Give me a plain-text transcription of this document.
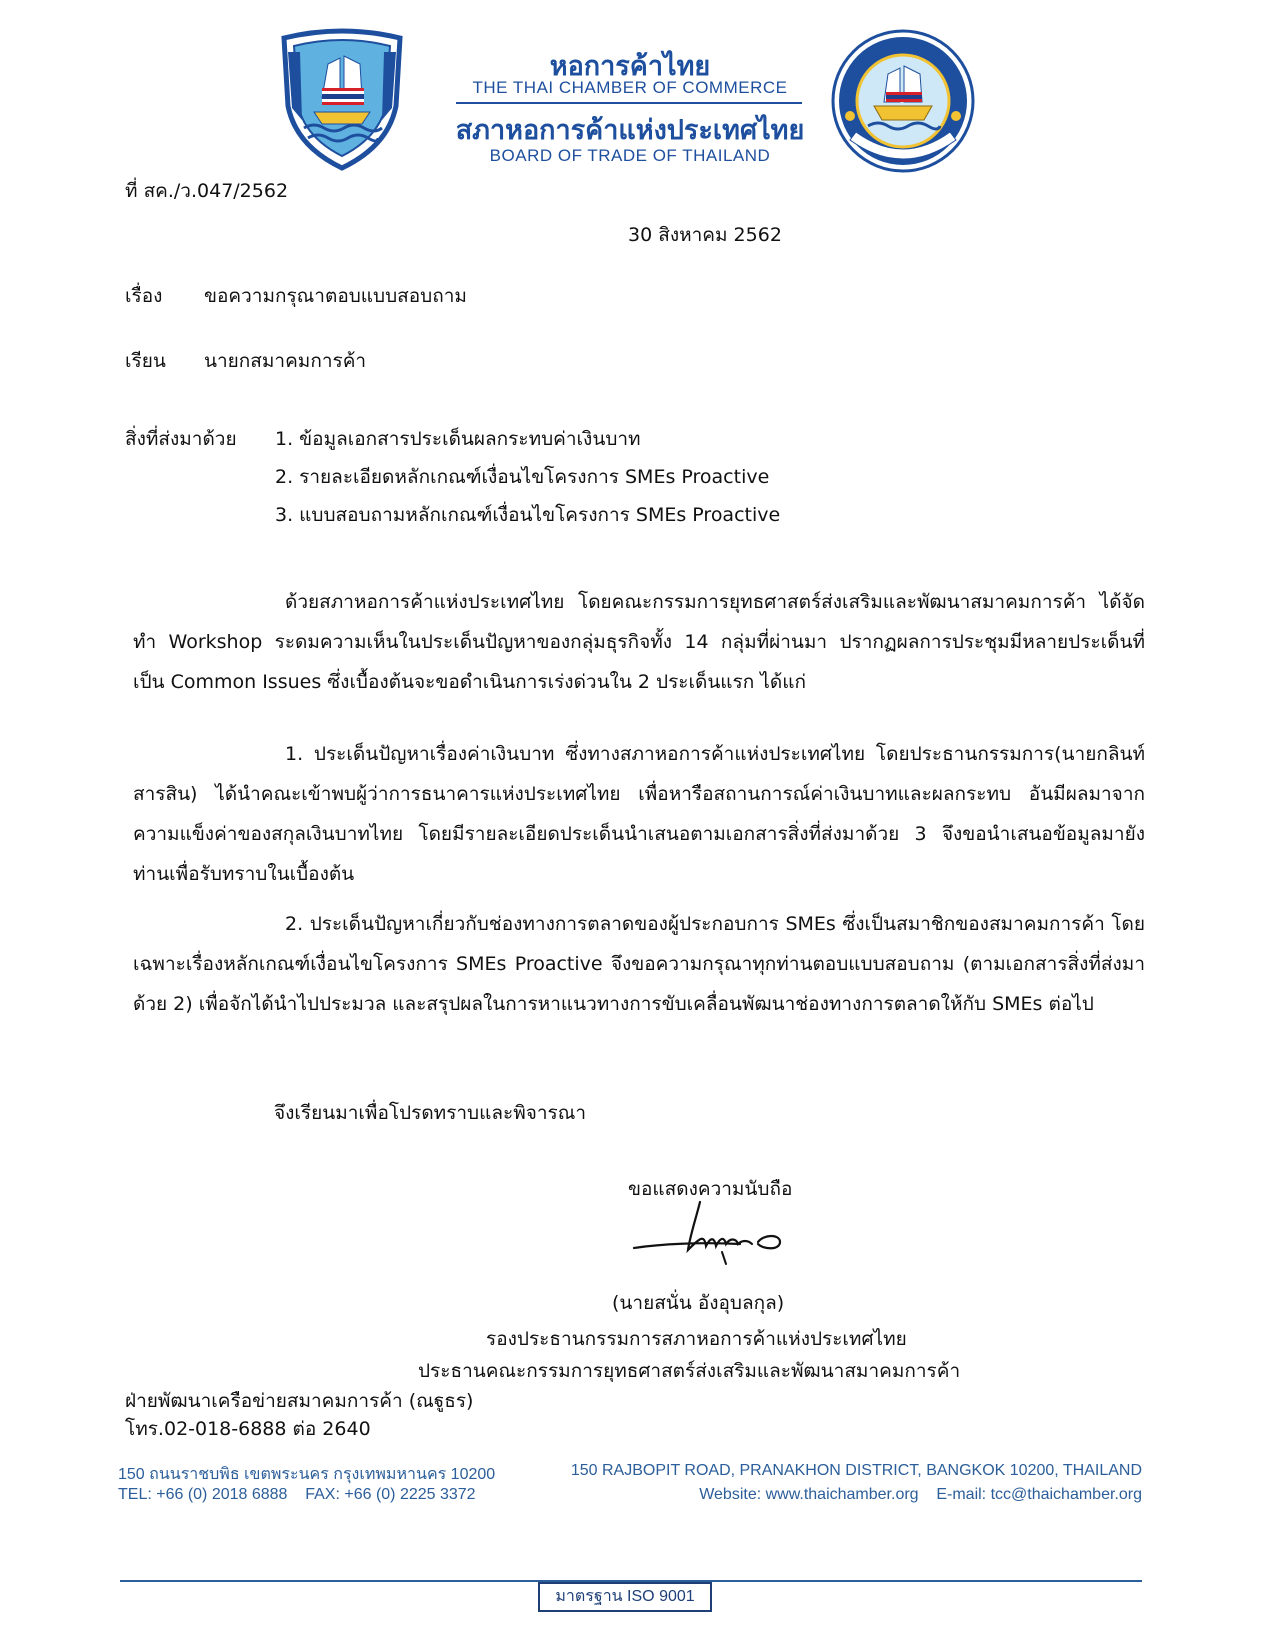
หอการค้าไทย
THE THAI CHAMBER OF COMMERCE
สภาหอการค้าแห่งประเทศไทย
BOARD OF TRADE OF THAILAND
ที่ สค./ว.047/2562
30 สิงหาคม 2562
เรื่อง ขอความกรุณาตอบแบบสอบถาม
เรียน นายกสมาคมการค้า
สิ่งที่ส่งมาด้วย 1. ข้อมูลเอกสารประเด็นผลกระทบค่าเงินบาท
2. รายละเอียดหลักเกณฑ์เงื่อนไขโครงการ SMEs Proactive
3. แบบสอบถามหลักเกณฑ์เงื่อนไขโครงการ SMEs Proactive
ด้วยสภาหอการค้าแห่งประเทศไทย โดยคณะกรรมการยุทธศาสตร์ส่งเสริมและพัฒนาสมาคมการค้า ได้จัดทำ Workshop ระดมความเห็นในประเด็นปัญหาของกลุ่มธุรกิจทั้ง 14 กลุ่มที่ผ่านมา ปรากฏผลการประชุมมีหลายประเด็นที่เป็น Common Issues ซึ่งเบื้องต้นจะขอดำเนินการเร่งด่วนใน 2 ประเด็นแรก ได้แก่
1. ประเด็นปัญหาเรื่องค่าเงินบาท ซึ่งทางสภาหอการค้าแห่งประเทศไทย โดยประธานกรรมการ(นายกลินท์ สารสิน) ได้นำคณะเข้าพบผู้ว่าการธนาคารแห่งประเทศไทย เพื่อหารือสถานการณ์ค่าเงินบาทและผลกระทบ อันมีผลมาจากความแข็งค่าของสกุลเงินบาทไทย โดยมีรายละเอียดประเด็นนำเสนอตามเอกสารสิ่งที่ส่งมาด้วย 3 จึงขอนำเสนอข้อมูลมายังท่านเพื่อรับทราบในเบื้องต้น
2. ประเด็นปัญหาเกี่ยวกับช่องทางการตลาดของผู้ประกอบการ SMEs ซึ่งเป็นสมาชิกของสมาคมการค้า โดยเฉพาะเรื่องหลักเกณฑ์เงื่อนไขโครงการ SMEs Proactive จึงขอความกรุณาทุกท่านตอบแบบสอบถาม (ตามเอกสารสิ่งที่ส่งมาด้วย 2) เพื่อจักได้นำไปประมวล และสรุปผลในการหาแนวทางการขับเคลื่อนพัฒนาช่องทางการตลาดให้กับ SMEs ต่อไป
จึงเรียนมาเพื่อโปรดทราบและพิจารณา
ขอแสดงความนับถือ
(นายสนั่น อังอุบลกุล)
รองประธานกรรมการสภาหอการค้าแห่งประเทศไทย
ประธานคณะกรรมการยุทธศาสตร์ส่งเสริมและพัฒนาสมาคมการค้า
ฝ่ายพัฒนาเครือข่ายสมาคมการค้า (ณฐูธร)
โทร.02-018-6888 ต่อ 2640
150 ถนนราชบพิธ เขตพระนคร กรุงเทพมหานคร 10200	150 RAJBOPIT ROAD, PRANAKHON DISTRICT, BANGKOK 10200, THAILAND
TEL: +66 (0) 2018 6888    FAX: +66 (0) 2225 3372	Website: www.thaichamber.org    E-mail: tcc@thaichamber.org
มาตรฐาน ISO 9001
